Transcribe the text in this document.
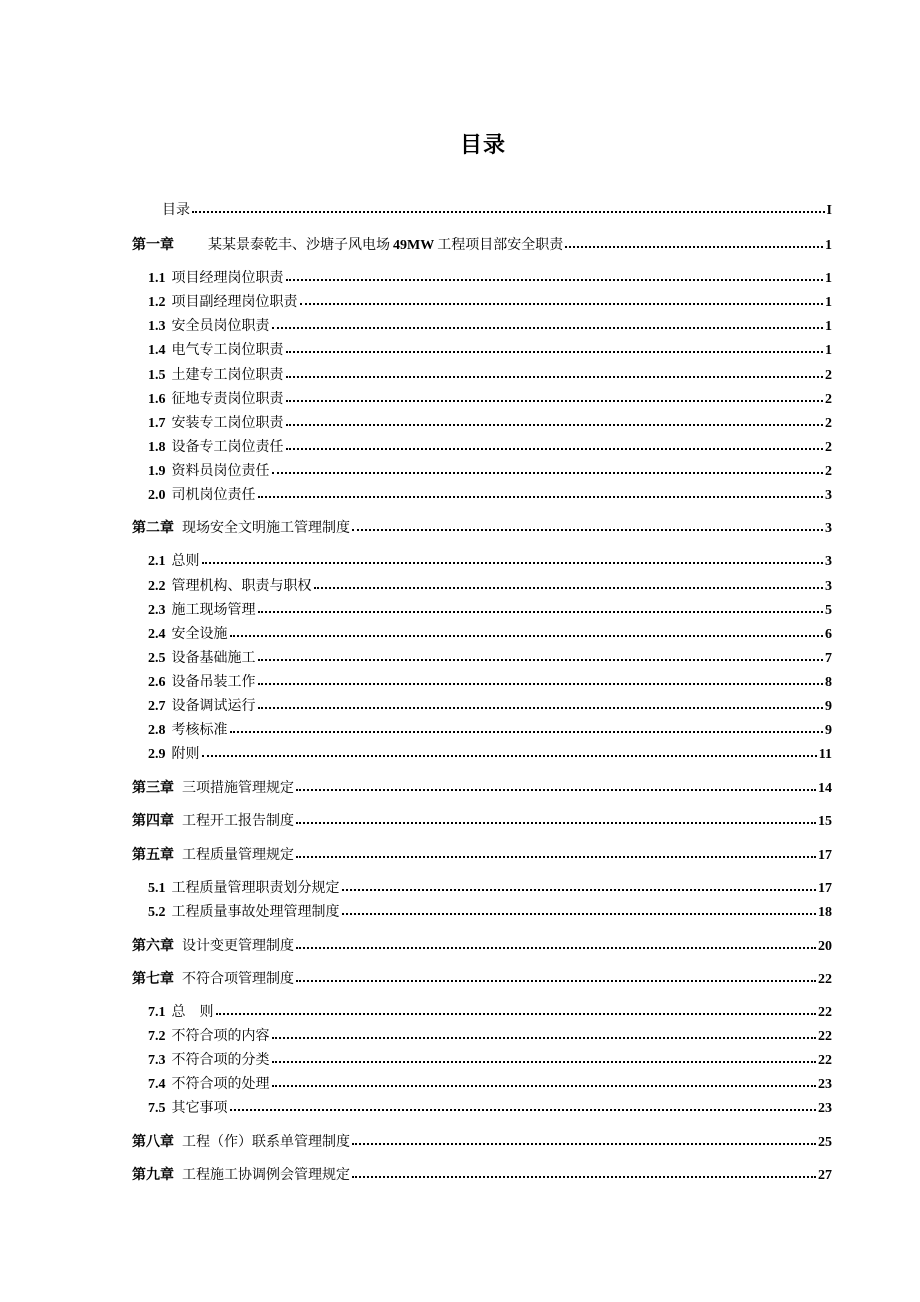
目录
目录	I
第一章 某某景泰乾丰、沙塘子风电场 49MW 工程项目部安全职责	1
1.1 项目经理岗位职责	1
1.2 项目副经理岗位职责	1
1.3 安全员岗位职责	1
1.4 电气专工岗位职责	1
1.5 土建专工岗位职责	2
1.6 征地专责岗位职责	2
1.7 安装专工岗位职责	2
1.8 设备专工岗位责任	2
1.9 资料员岗位责任	2
2.0 司机岗位责任	3
第二章 现场安全文明施工管理制度	3
2.1 总则	3
2.2 管理机构、职责与职权	3
2.3 施工现场管理	5
2.4 安全设施	6
2.5 设备基础施工	7
2.6 设备吊装工作	8
2.7 设备调试运行	9
2.8 考核标准	9
2.9 附则	11
第三章 三项措施管理规定	14
第四章 工程开工报告制度	15
第五章 工程质量管理规定	17
5.1 工程质量管理职责划分规定	17
5.2 工程质量事故处理管理制度	18
第六章 设计变更管理制度	20
第七章 不符合项管理制度	22
7.1 总　则	22
7.2 不符合项的内容	22
7.3 不符合项的分类	22
7.4 不符合项的处理	23
7.5 其它事项	23
第八章 工程（作）联系单管理制度	25
第九章 工程施工协调例会管理规定	27
